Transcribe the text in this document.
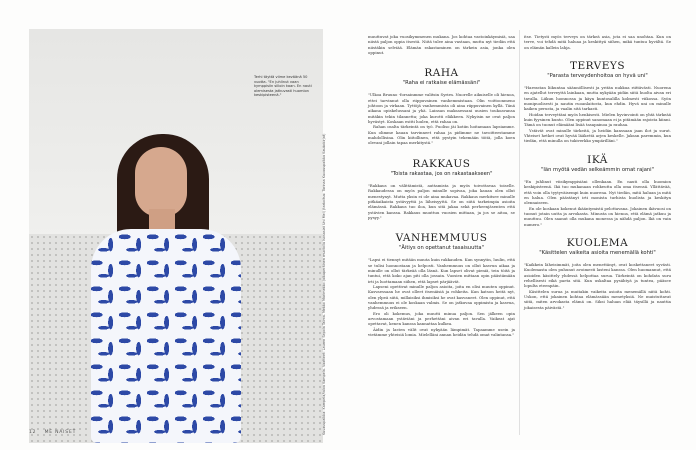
Terhi täyttä viime keväänä 50 vuotta. "En juhlinut vaan kymppisiin silloin kaan. En nauti olemisesta jatkuvasti huomion keskipisteenä."
Kuvauspaikka: Kampela/taloa Kampela. Vaatteet: Lauren Sepola Talma. Mekko Marimekko (alkuperäinen muotoilu Isosasiat Uni Mei) (tarkoitus: Tarinaa Kuvauspaikka Kaukokirjat)
12 ME NAISET

muuttuvat joka vuosikymmenen mukana. Jos kohtaa vastoinkäymisiä, saa niistä paljon oppia itsestä. Niitä tulee aina vastaan, mutta nyt tiedän että niistäkin selviää. Elämän rakastaminen on tärkein asia, jonka olen oppinut.

RAHA
"Raha ei ratkaise elämässäni"

"Ulkoa Bruuno -forsainmme valitsin Syrirn. Nuorelle aikuiselle oli hienoa, ettei tarvinnut olla riippuvainen vanhemmistaan. Olin voittoonmeno johtoon ja virkaan. Tyttöjä vanhemmista oli aina riippuvainen kyllä. Tänä aikana opiskelussani ja yhä. Lainsan maksaessani uusien toukoavansa mitäkin tekin tilannetta; joka kurotti eläkkeen. Nykyisin ne ovat paljon hyvästyt. Koskaan esitti luulen, että rahaa on.

Rahan osalta tärkeintä on työ. Puoliso jäi kotiin hoitamaan lapsiamme. Kun olimme kauan tarvinneet rahaa ja pidimme ne tavoitteestamme mahdollisina. Olin kiitollinen, että pystyin tekemään töitä, jolla koen olevani jollain tapaa merkitystä."

RAKKAUS
"Toista rakastaa, jos on rakastaakseen"

"Rakkaus on välittämistä, auttamista ja myös toivottavaa toiselle. Rakkaudessa on myös paljon minulle sopivaa, joka kauan olen ollut menestynyt. Mutta yksin ei ole aina mukavaa. Rakkaus merkitsee minulle pitkäaikaista ystävyyttä ja läheisyyttä. Se on siitä tarkeimpia asioita elämässä. Rakkaus tuo iloa, kun sitä jakaa sekä perheenjäsenten että ystävien kanssa. Rakkaus muuttuu vuosien mittaan, ja jos se aitoa, se pysyy."

VANHEMMUUS
"Äitiys on opettanut tasaisuutta"

"Lapsi ei tiennyt mitään muuta kuin rakkauden. Kun synnytin, luulin, että se tulisi luonnostaan ja helposti. Vanhemmuus on ollut kasvun aikaa ja minulle on ollut tärkeää olla läsnä. Kun lapset olivat pieniä, tein töitä ja tuntui, että koko ajan piti olla jossain. Vuosien mittaan opin päästämään irti ja luottamaan siihen, että lapset pärjäävät.

Lapseni opettivat minulle paljon asioita, joita en olisi muuten oppinut. Kasvaessaan he ovat olleet itsenäisiä ja rohkeita. Kun katson heitä nyt, olen ylpeä siitä, millaisiksi ihmisiksi he ovat kasvaneet. Olen oppinut, että vanhemmuus ei ole koskaan valmis. Se on jatkuvaa oppimista ja kasvua, yhdessä ja erikseen.

Ero oli kokemus, joka muutti minua paljon. Sen jälkeen opin arvostamaan ystäviäni ja perhettäni aivan eri tavalla. Vaikeat ajat opettavat, kenen kanssa kannattaa kulkea.

Äidin ja lasten välit ovat nykyään lämpimät. Tapaamme usein ja vietämme yhteisiä lomia. Mielelläni annan heidän tehdä omat valintansa."

itse. Tietysti myös terveys on tärkeä asia, jota ei saa unohtaa. Kun on terve, voi tehdä mitä haluaa ja keskittyä siihen, mikä tuntuu hyvältä. Se on elämän kallein lahja.

TERVEYS
"Parasta terveydenhoitoa on hyvä uni"

"Harrastan liikuntaa säännöllisesti ja yritän nukkua riittävästi. Nuorena en ajatellut terveyttä lainkaan, mutta nykyään pidän siitä huolta aivan eri tavalla. Liikun luonnossa ja käyn kuntosalilla kolmesti viikossa. Syön monipuolisesti ja nautin ruoanlaitosta, kun ehdin. Hyvä uni on minulle kaiken perusta, ja vaalin sitä tarkasti.

Hoidan terveyttäni myös henkisesti. Mielen hyvinvointi on yhtä tärkeää kuin fyysinen kunto. Olen oppinut sanomaan ei ja pitämään rajoista kiinni. Tämä on tuonut elämääni lisää tasapainoa ja rauhaa.

Ystävät ovat minulle tärkeitä, ja heidän kanssaan jaan ilot ja surut. Yhteiset hetket ovat hyvää lääkettä arjen keskelle. Jaksan paremmin, kun tiedän, että minulla on tukiverkko ympärilläni."

IKÄ
"Iän myötä vedän selkeämmin omat rajani"

"En juhlinut viisikymppisiäni ollenkaan. En nauti olla huomion keskipisteenä. Ikä tuo mukanaan rohkeutta olla oma itsensä. Yllättävää, että voin olla tyytyväisempi kuin nuorena. Nyt tiedän, mitä haluan ja mitä en halua. Olen päästänyt irti monista turhista huolista ja keskityn olennaiseen.

En ole koskaan kokenut ikääntymistä pelottavana. Jokainen ikävuosi on tuonut jotain uutta ja arvokasta. Minusta on hienoa, että elämä jatkuu ja muuttuu. Olen saanut olla mukana monessa ja nähdä paljon. Ikä on vain numero."

KUOLEMA
"Käsittelen vaikeita asioita menemällä kohti"

"Kaikkein läheisimmät, joita olen menettänyt, ovat koskettaneet syvästi. Kuolemasta olen puhunut avoimesti lasteni kanssa. Olen huomannut, että asioiden käsittely yhdessä helpottaa surua. Tärkeintä on kohdata suru rehellisesti eikä paeta sitä. Kun uskaltaa pysähtyä ja tuntea, pääsee lopulta eteenpäin.

Käsittelen surua ja muitakin vaikeita asioita menemällä niitä kohti. Uskon, että jokainen kohtaa elämässään menetyksiä. Ne muistuttavat siitä, miten arvokasta elämä on. Siksi haluan elää täysillä ja nauttia jokaisesta päivästä."
